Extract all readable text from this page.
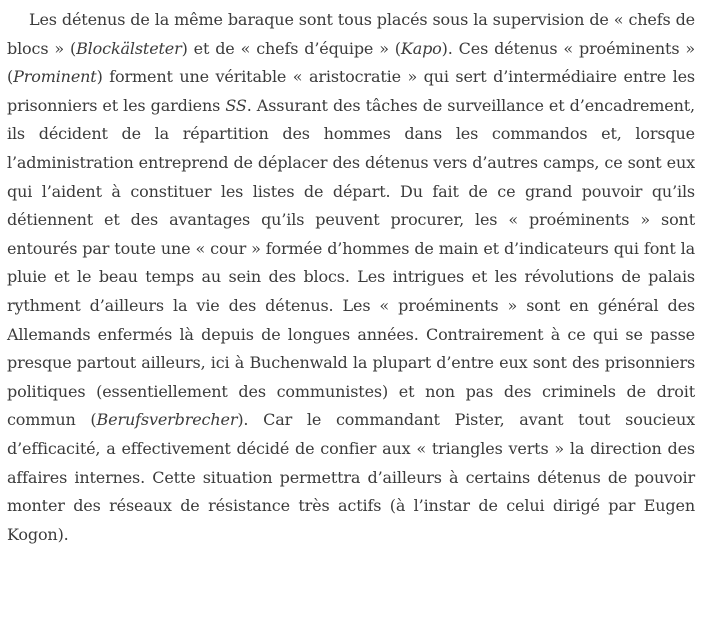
Les détenus de la même baraque sont tous placés sous la supervision de « chefs de blocs » (Blockälsteter) et de « chefs d’équipe » (Kapo). Ces détenus « proéminents » (Prominent) forment une véritable « aristocratie » qui sert d’intermédiaire entre les prisonniers et les gardiens SS. Assurant des tâches de surveillance et d’encadrement, ils décident de la répartition des hommes dans les commandos et, lorsque l’administration entreprend de déplacer des détenus vers d’autres camps, ce sont eux qui l’aident à constituer les listes de départ. Du fait de ce grand pouvoir qu’ils détiennent et des avantages qu’ils peuvent procurer, les « proéminents » sont entourés par toute une « cour » formée d’hommes de main et d’indicateurs qui font la pluie et le beau temps au sein des blocs. Les intrigues et les révolutions de palais rythment d’ailleurs la vie des détenus. Les « proéminents » sont en général des Allemands enfermés là depuis de longues années. Contrairement à ce qui se passe presque partout ailleurs, ici à Buchenwald la plupart d’entre eux sont des prisonniers politiques (essentiellement des communistes) et non pas des criminels de droit commun (Berufsverbrecher). Car le commandant Pister, avant tout soucieux d’efficacité, a effectivement décidé de confier aux « triangles verts » la direction des affaires internes. Cette situation permettra d’ailleurs à certains détenus de pouvoir monter des réseaux de résistance très actifs (à l’instar de celui dirigé par Eugen Kogon).
